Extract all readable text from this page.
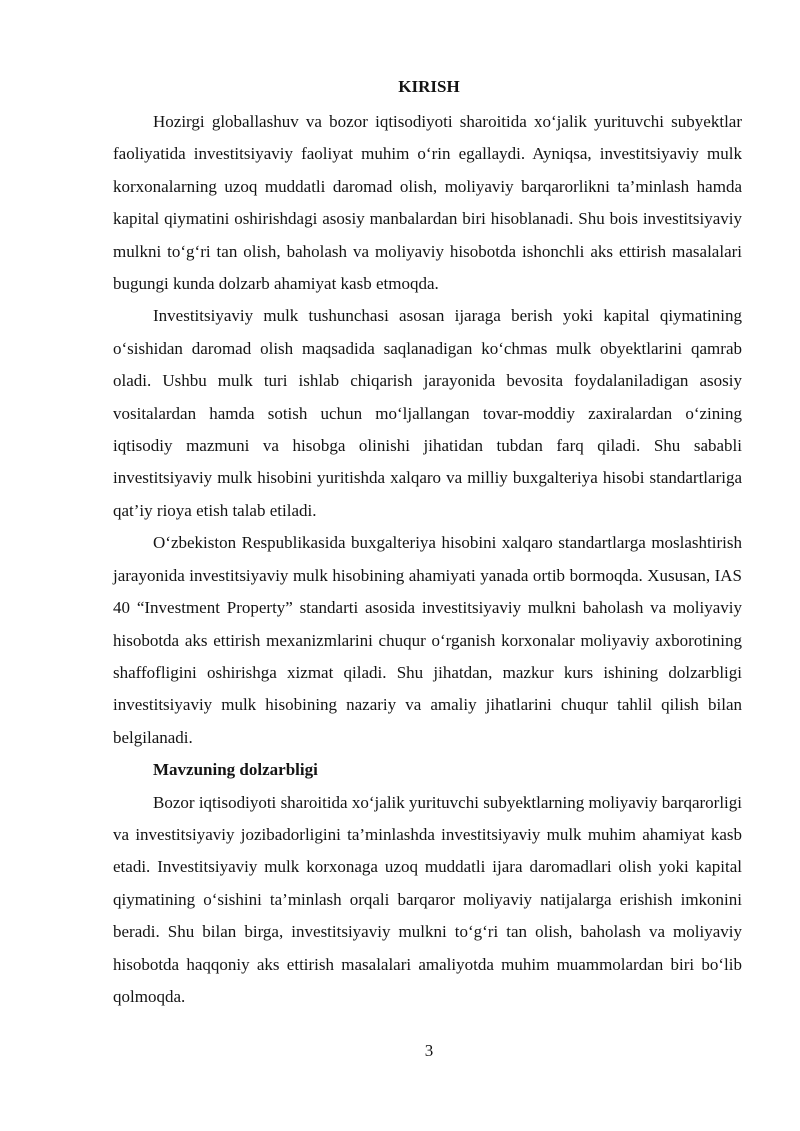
KIRISH

Hozirgi globallashuv va bozor iqtisodiyoti sharoitida xo‘jalik yurituvchi subyektlar faoliyatida investitsiyaviy faoliyat muhim o‘rin egallaydi. Ayniqsa, investitsiyaviy mulk korxonalarning uzoq muddatli daromad olish, moliyaviy barqarorlikni ta’minlash hamda kapital qiymatini oshirishdagi asosiy manbalardan biri hisoblanadi. Shu bois investitsiyaviy mulkni to‘g‘ri tan olish, baholash va moliyaviy hisobotda ishonchli aks ettirish masalalari bugungi kunda dolzarb ahamiyat kasb etmoqda.

Investitsiyaviy mulk tushunchasi asosan ijaraga berish yoki kapital qiymatining o‘sishidan daromad olish maqsadida saqlanadigan ko‘chmas mulk obyektlarini qamrab oladi. Ushbu mulk turi ishlab chiqarish jarayonida bevosita foydalaniladigan asosiy vositalardan hamda sotish uchun mo‘ljallangan tovar-moddiy zaxiralardan o‘zining iqtisodiy mazmuni va hisobga olinishi jihatidan tubdan farq qiladi. Shu sababli investitsiyaviy mulk hisobini yuritishda xalqaro va milliy buxgalteriya hisobi standartlariga qat’iy rioya etish talab etiladi.

O‘zbekiston Respublikasida buxgalteriya hisobini xalqaro standartlarga moslashtirish jarayonida investitsiyaviy mulk hisobining ahamiyati yanada ortib bormoqda. Xususan, IAS 40 “Investment Property” standarti asosida investitsiyaviy mulkni baholash va moliyaviy hisobotda aks ettirish mexanizmlarini chuqur o‘rganish korxonalar moliyaviy axborotining shaffofligini oshirishga xizmat qiladi. Shu jihatdan, mazkur kurs ishining dolzarbligi investitsiyaviy mulk hisobining nazariy va amaliy jihatlarini chuqur tahlil qilish bilan belgilanadi.

Mavzuning dolzarbligi

Bozor iqtisodiyoti sharoitida xo‘jalik yurituvchi subyektlarning moliyaviy barqarorligi va investitsiyaviy jozibadorligini ta’minlashda investitsiyaviy mulk muhim ahamiyat kasb etadi. Investitsiyaviy mulk korxonaga uzoq muddatli ijara daromadlari olish yoki kapital qiymatining o‘sishini ta’minlash orqali barqaror moliyaviy natijalarga erishish imkonini beradi. Shu bilan birga, investitsiyaviy mulkni to‘g‘ri tan olish, baholash va moliyaviy hisobotda haqqoniy aks ettirish masalalari amaliyotda muhim muammolardan biri bo‘lib qolmoqda.

3
